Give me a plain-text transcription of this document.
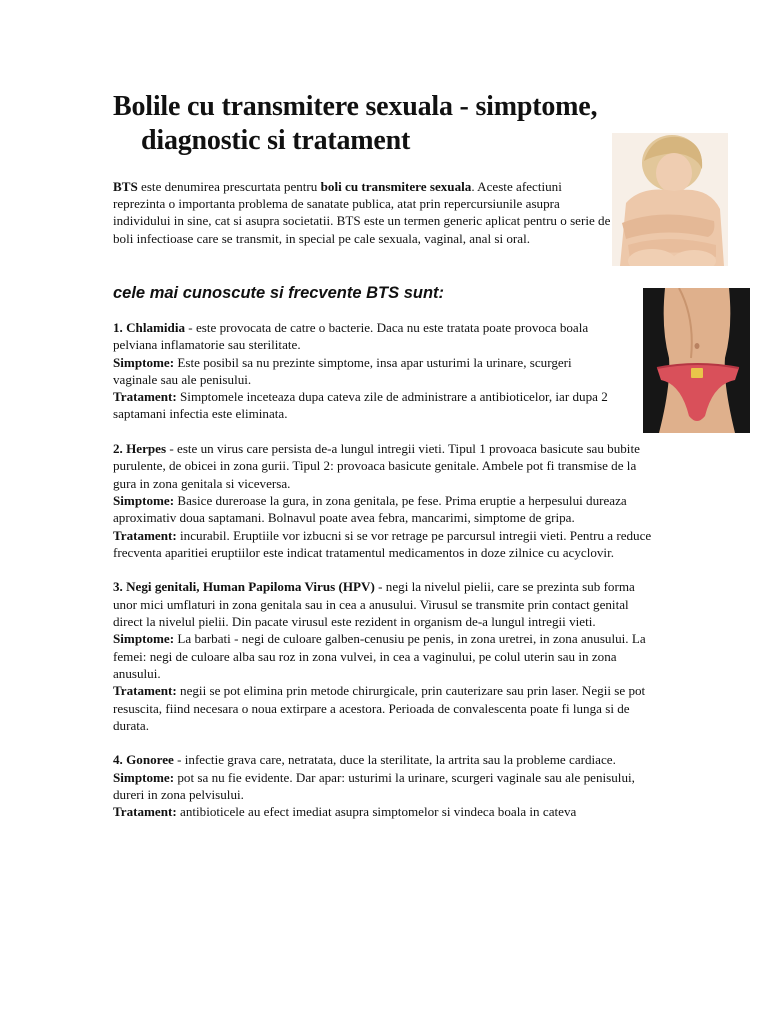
Bolile cu transmitere sexuala - simptome,
diagnostic si tratament

BTS este denumirea prescurtata pentru boli cu transmitere sexuala. Aceste afectiuni reprezinta o importanta problema de sanatate publica, atat prin repercursiunile asupra individului in sine, cat si asupra societatii. BTS este un termen generic aplicat pentru o serie de boli infectioase care se transmit, in special pe cale sexuala, vaginal, anal si oral.

cele mai cunoscute si frecvente BTS sunt:

1. Chlamidia - este provocata de catre o bacterie. Daca nu este tratata poate provoca boala pelviana inflamatorie sau sterilitate.

Simptome: Este posibil sa nu prezinte simptome, insa apar usturimi la urinare, scurgeri vaginale sau ale penisului.

Tratament: Simptomele inceteaza dupa cateva zile de administrare a antibioticelor, iar dupa 2 saptamani infectia este eliminata.

2. Herpes - este un virus care persista de-a lungul intregii vieti. Tipul 1 provoaca basicute sau bubite purulente, de obicei in zona gurii. Tipul 2: provoaca basicute genitale. Ambele pot fi transmise de la gura in zona genitala si viceversa.

Simptome: Basice dureroase la gura, in zona genitala, pe fese. Prima eruptie a herpesului dureaza aproximativ doua saptamani. Bolnavul poate avea febra, mancarimi, simptome de gripa.

Tratament: incurabil. Eruptiile vor izbucni si se vor retrage pe parcursul intregii vieti. Pentru a reduce frecventa aparitiei eruptiilor este indicat tratamentul medicamentos in doze zilnice cu acyclovir.

3. Negi genitali, Human Papiloma Virus (HPV) - negi la nivelul pielii, care se prezinta sub forma unor mici umflaturi in zona genitala sau in cea a anusului. Virusul se transmite prin contact genital direct la nivelul pielii. Din pacate virusul este rezident in organism de-a lungul intregii vieti.

Simptome: La barbati - negi de culoare galben-cenusiu pe penis, in zona uretrei, in zona anusului. La femei: negi de culoare alba sau roz in zona vulvei, in cea a vaginului, pe colul uterin sau in zona anusului.

Tratament: negii se pot elimina prin metode chirurgicale, prin cauterizare sau prin laser. Negii se pot resuscita, fiind necesara o noua extirpare a acestora. Perioada de convalescenta poate fi lunga si de durata.

4. Gonoree - infectie grava care, netratata, duce la sterilitate, la artrita sau la probleme cardiace.

Simptome: pot sa nu fie evidente. Dar apar: usturimi la urinare, scurgeri vaginale sau ale penisului, dureri in zona pelvisului.

Tratament: antibioticele au efect imediat asupra simptomelor si vindeca boala in cateva
